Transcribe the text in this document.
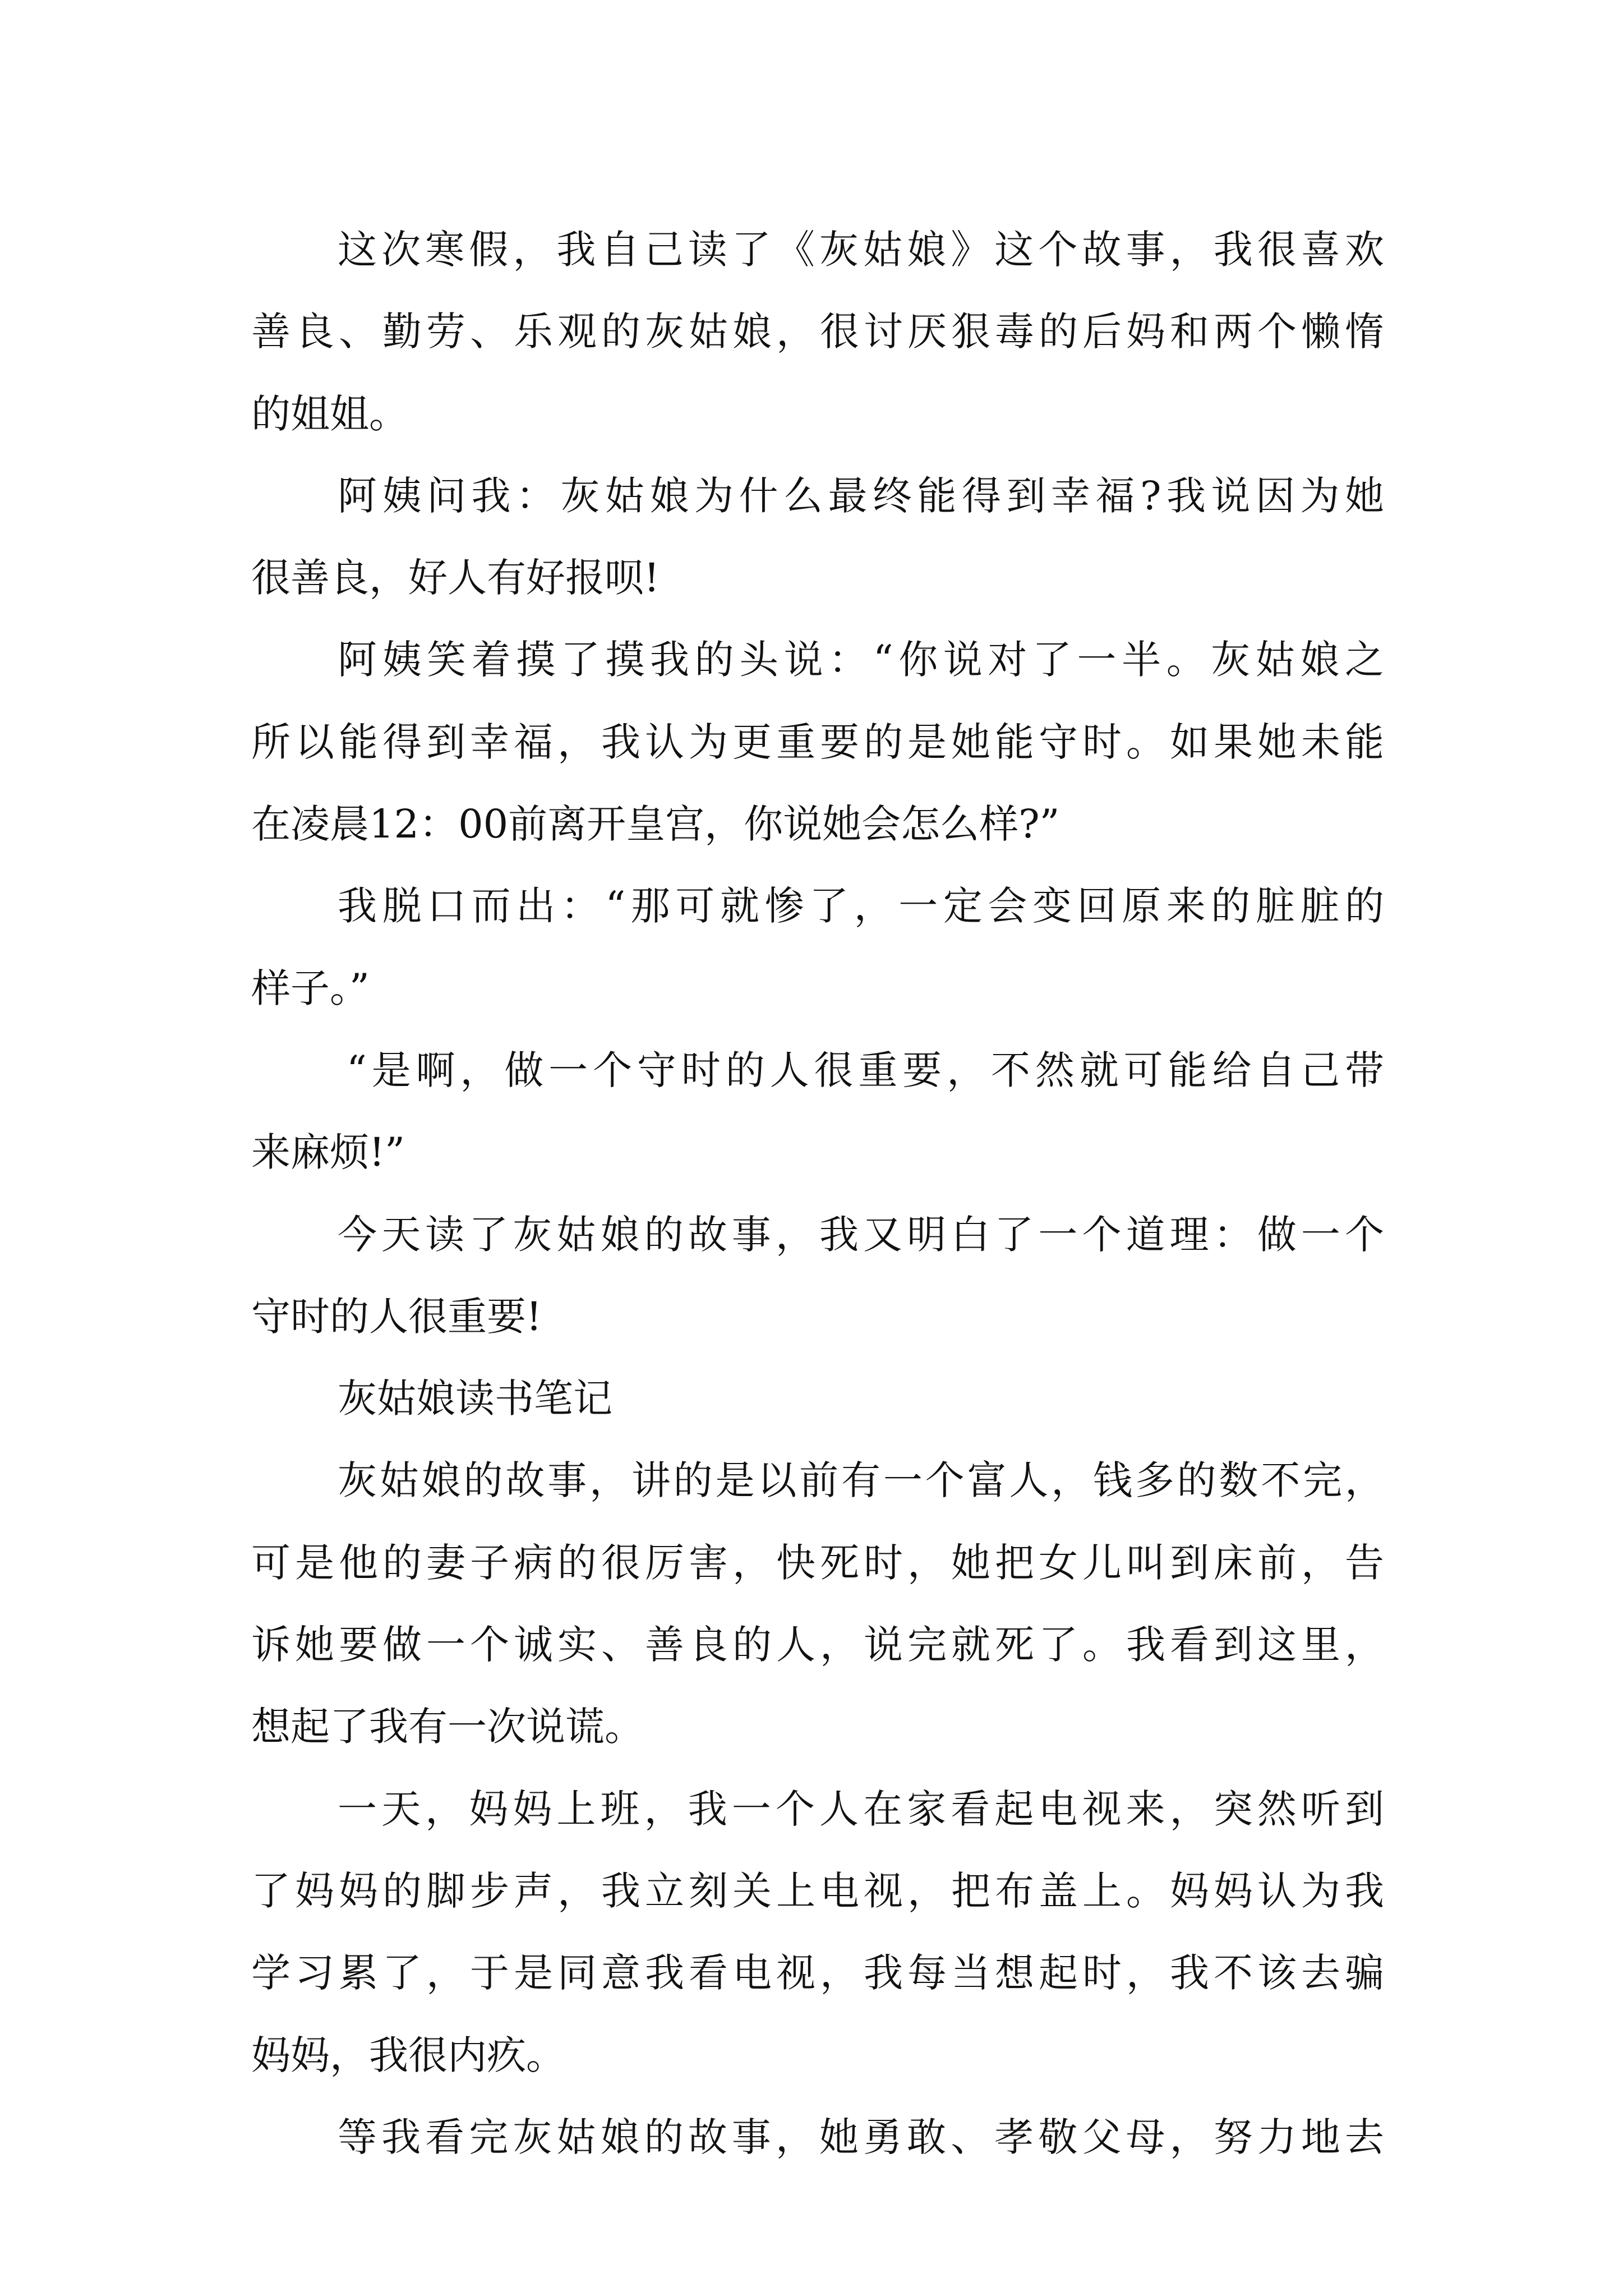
这次寒假，我自己读了《灰姑娘》这个故事，我很喜欢
善良、勤劳、乐观的灰姑娘，很讨厌狠毒的后妈和两个懒惰
的姐姐。
阿姨问我：灰姑娘为什么最终能得到幸福?我说因为她
很善良，好人有好报呗!
阿姨笑着摸了摸我的头说：“你说对了一半。灰姑娘之
所以能得到幸福，我认为更重要的是她能守时。如果她未能
在凌晨12：00前离开皇宫，你说她会怎么样?”
我脱口而出：“那可就惨了，一定会变回原来的脏脏的
样子。”
“是啊，做一个守时的人很重要，不然就可能给自己带
来麻烦!”
今天读了灰姑娘的故事，我又明白了一个道理：做一个
守时的人很重要!
灰姑娘读书笔记
灰姑娘的故事，讲的是以前有一个富人，钱多的数不完，
可是他的妻子病的很厉害，快死时，她把女儿叫到床前，告
诉她要做一个诚实、善良的人，说完就死了。我看到这里，
想起了我有一次说谎。
一天，妈妈上班，我一个人在家看起电视来，突然听到
了妈妈的脚步声，我立刻关上电视，把布盖上。妈妈认为我
学习累了，于是同意我看电视，我每当想起时，我不该去骗
妈妈，我很内疚。
等我看完灰姑娘的故事，她勇敢、孝敬父母，努力地去
